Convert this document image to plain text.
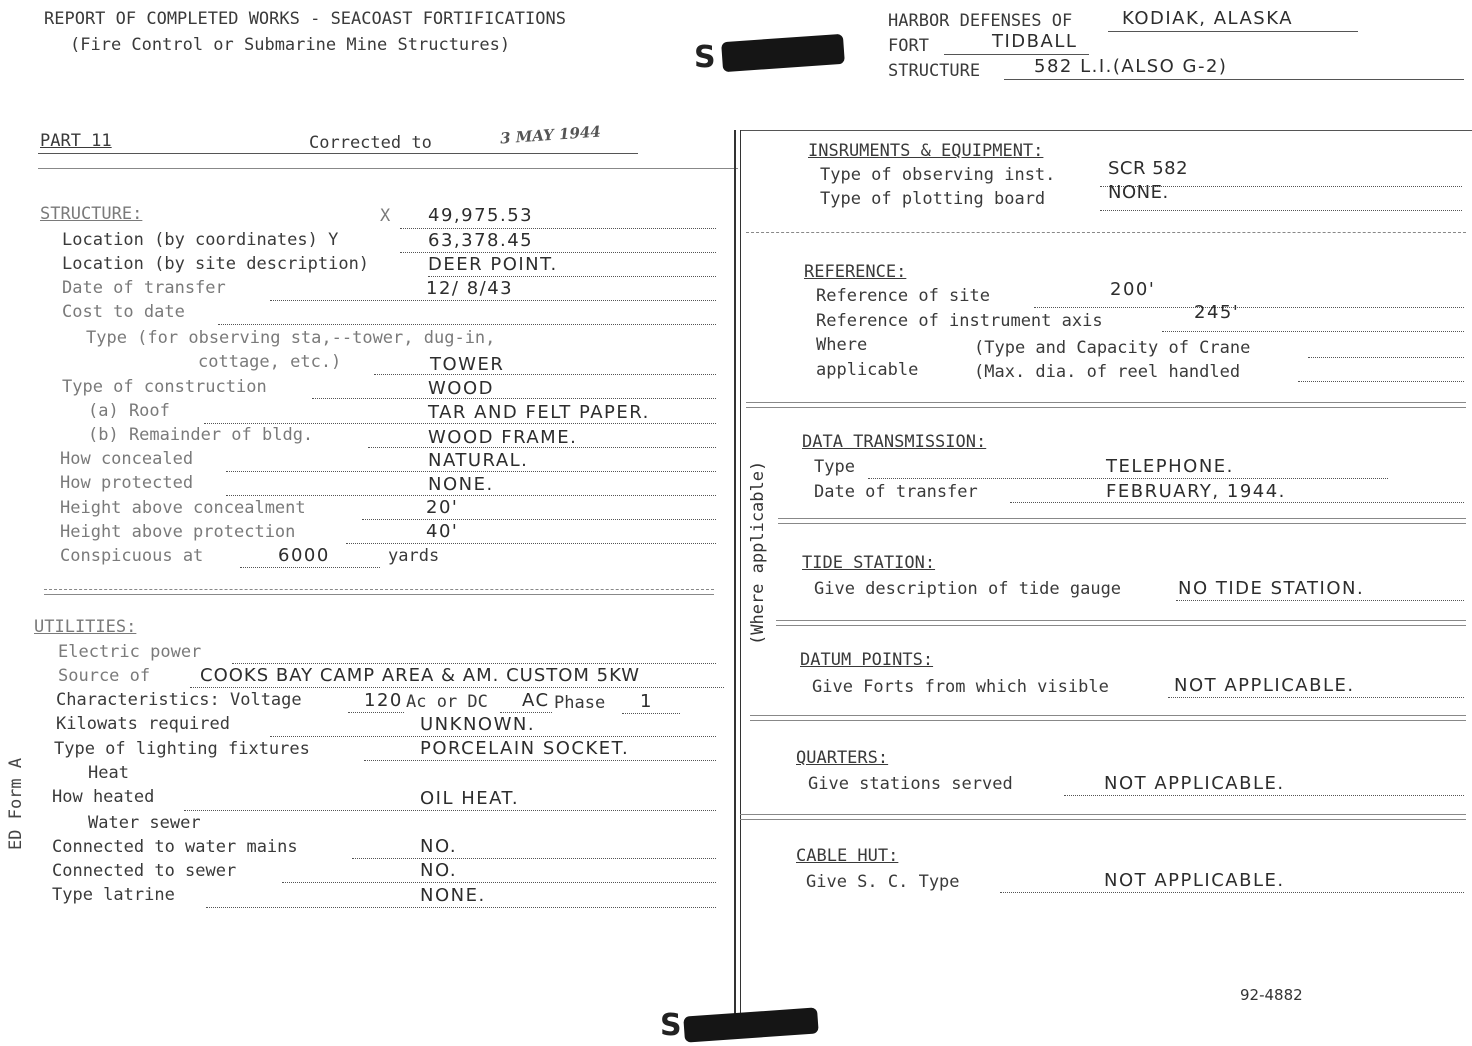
REPORT OF COMPLETED WORKS - SEACOAST FORTIFICATIONS
(Fire Control or Submarine Mine Structures)	S
HARBOR DEFENSES OF	KODIAK, ALASKA
FORT	TIDBALL
STRUCTURE	582 L.I.(ALSO G-2)
PART 11	Corrected to	3 MAY 1944
STRUCTURE:	X 49,975.53
Location (by coordinates) Y	63,378.45
Location (by site description)	DEER POINT.
Date of transfer	12/ 8/43
Cost to date
Type (for observing sta,--tower, dug-in,
cottage, etc.)	TOWER
Type of construction	WOOD
(a) Roof	TAR AND FELT PAPER.
(b) Remainder of bldg.	WOOD FRAME.
How concealed	NATURAL.
How protected	NONE.
Height above concealment	20'
Height above protection	40'
Conspicuous at	6000	yards
UTILITIES:
Electric power
Source of	COOKS BAY CAMP AREA & AM. CUSTOM 5KW
Characteristics: Voltage	120 Ac or DC AC Phase 1
Kilowats required	UNKNOWN.
Type of lighting fixtures	PORCELAIN SOCKET.
Heat
How heated	OIL HEAT.
Water sewer
Connected to water mains	NO.
Connected to sewer	NO.
Type latrine	NONE.
ED Form A
(Where applicable)
INSRUMENTS & EQUIPMENT:
Type of observing inst.	SCR 582
Type of plotting board	NONE.
REFERENCE:
Reference of site	200'
Reference of instrument axis	245'
Where	(Type and Capacity of Crane
applicable	(Max. dia. of reel handled
DATA TRANSMISSION:
Type	TELEPHONE.
Date of transfer	FEBRUARY, 1944.
TIDE STATION:
Give description of tide gauge	NO TIDE STATION.
DATUM POINTS:
Give Forts from which visible	NOT APPLICABLE.
QUARTERS:
Give stations served	NOT APPLICABLE.
CABLE HUT:
Give S. C. Type	NOT APPLICABLE.
92-4882
S
